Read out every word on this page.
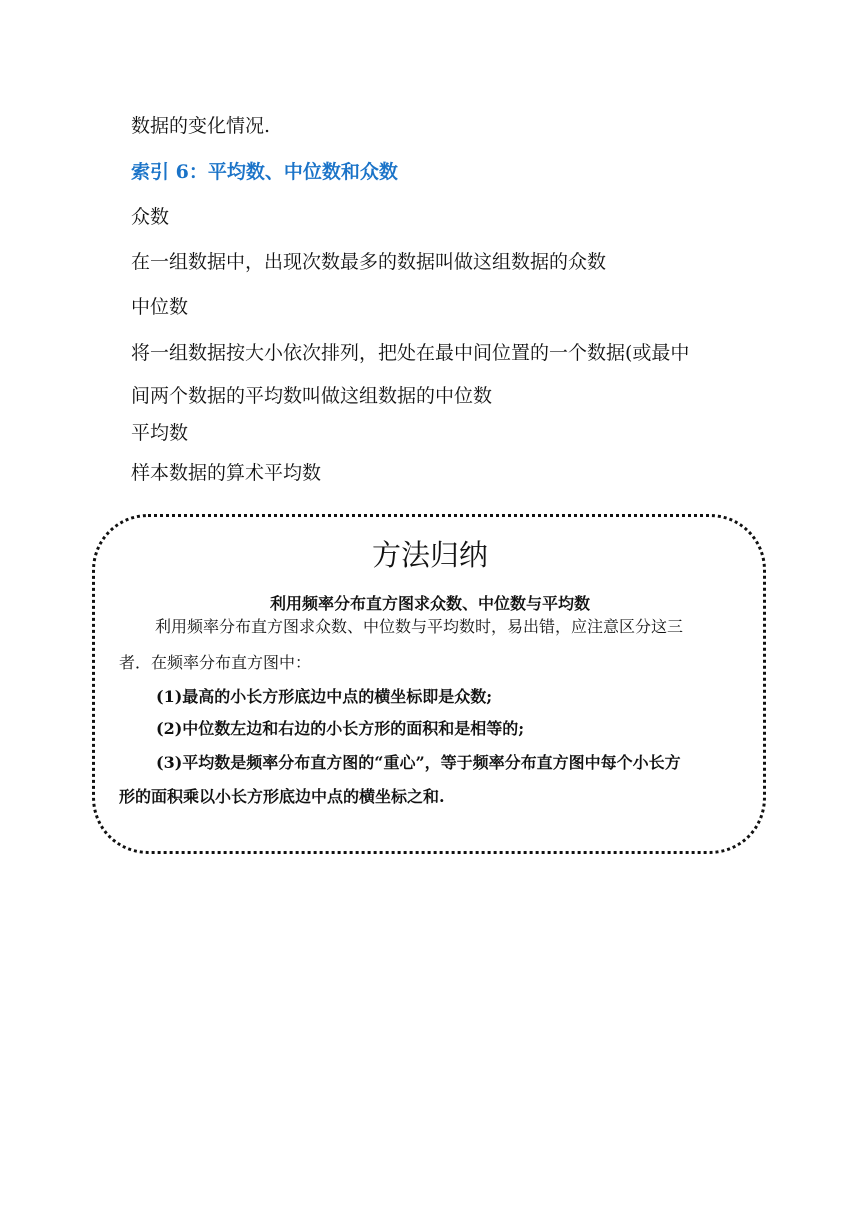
数据的变化情况.
索引 6：平均数、中位数和众数
众数
在一组数据中，出现次数最多的数据叫做这组数据的众数
中位数
将一组数据按大小依次排列，把处在最中间位置的一个数据(或最中
间两个数据的平均数叫做这组数据的中位数
平均数
样本数据的算术平均数
方法归纳
利用频率分布直方图求众数、中位数与平均数
利用频率分布直方图求众数、中位数与平均数时，易出错，应注意区分这三
者．在频率分布直方图中：
(1)最高的小长方形底边中点的横坐标即是众数;
(2)中位数左边和右边的小长方形的面积和是相等的;
(3)平均数是频率分布直方图的“重心”，等于频率分布直方图中每个小长方
形的面积乘以小长方形底边中点的横坐标之和.
